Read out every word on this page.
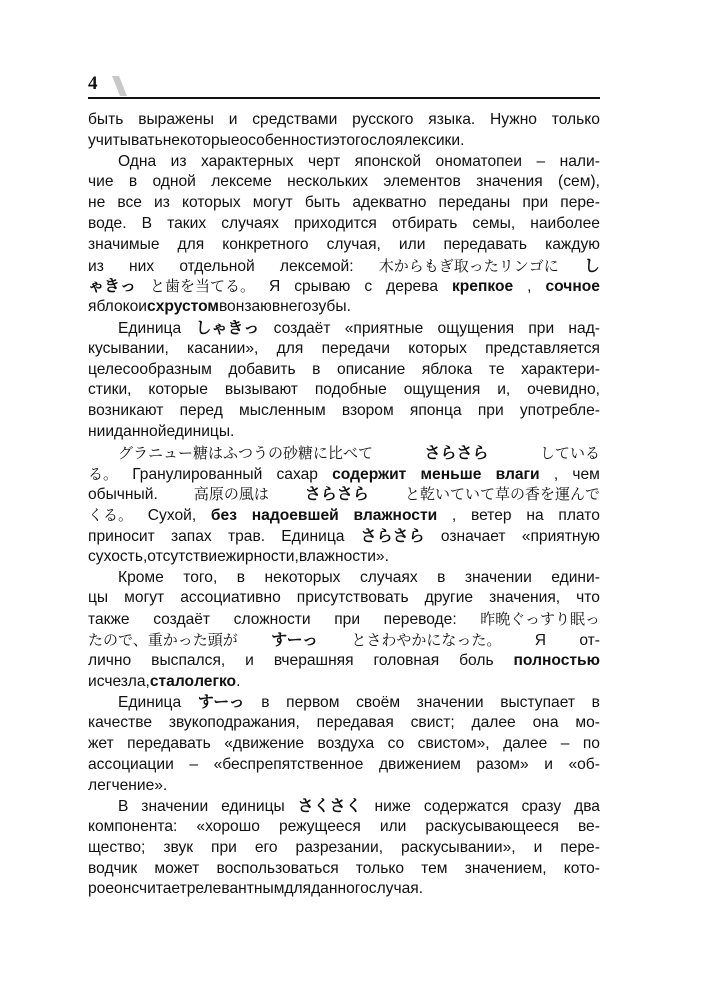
4
быть выражены и средствами русского языка. Нужно только
учитывать некоторые особенности этого слоя лексики.
Одна из характерных черт японской ономатопеи – нали-
чие в одной лексеме нескольких элементов значения (сем),
не все из которых могут быть адекватно переданы при пере-
воде. В таких случаях приходится отбирать семы, наиболее
значимые для конкретного случая, или передавать каждую
из них отдельной лексемой: 木からもぎ取ったリンゴに し
ゃきっ と歯を当てる。 Я срываю с дерева крепкое , сочное
яблоко и с хрустом вонзаю в него зубы.
Единица しゃきっ создаёт «приятные ощущения при над-
кусывании, касании», для передачи которых представляется
целесообразным добавить в описание яблока те характери-
стики, которые вызывают подобные ощущения и, очевидно,
возникают перед мысленным взором японца при употребле-
нии данной единицы.
グラニュー糖はふつうの砂糖に比べて	さらさら	している
る。 Гранулированный сахар содержит меньше влаги , чем
обычный. 高原の風は さらさら と乾いていて草の香を運んで
くる。 Сухой, без надоевшей влажности , ветер на плато
приносит запах трав. Единица さらさら означает «приятную
сухость, отсутствие жирности, влажности».
Кроме того, в некоторых случаях в значении едини-
цы могут ассоциативно присутствовать другие значения, что
также создаёт сложности при переводе: 昨晩ぐっすり眠っ
たので、重かった頭が すーっ とさわやかになった。 Я от-
лично выспался, и вчерашняя головная боль полностью
исчезла, стало легко .
Единица すーっ в первом своём значении выступает в
качестве звукоподражания, передавая свист; далее она мо-
жет передавать «движение воздуха со свистом», далее – по
ассоциации – «беспрепятственное движением разом» и «об-
легчение».
В значении единицы さくさく ниже содержатся сразу два
компонента: «хорошо режущееся или раскусывающееся ве-
щество; звук при его разрезании, раскусывании», и пере-
водчик может воспользоваться только тем значением, кото-
рое он считает релевантным для данного случая.
